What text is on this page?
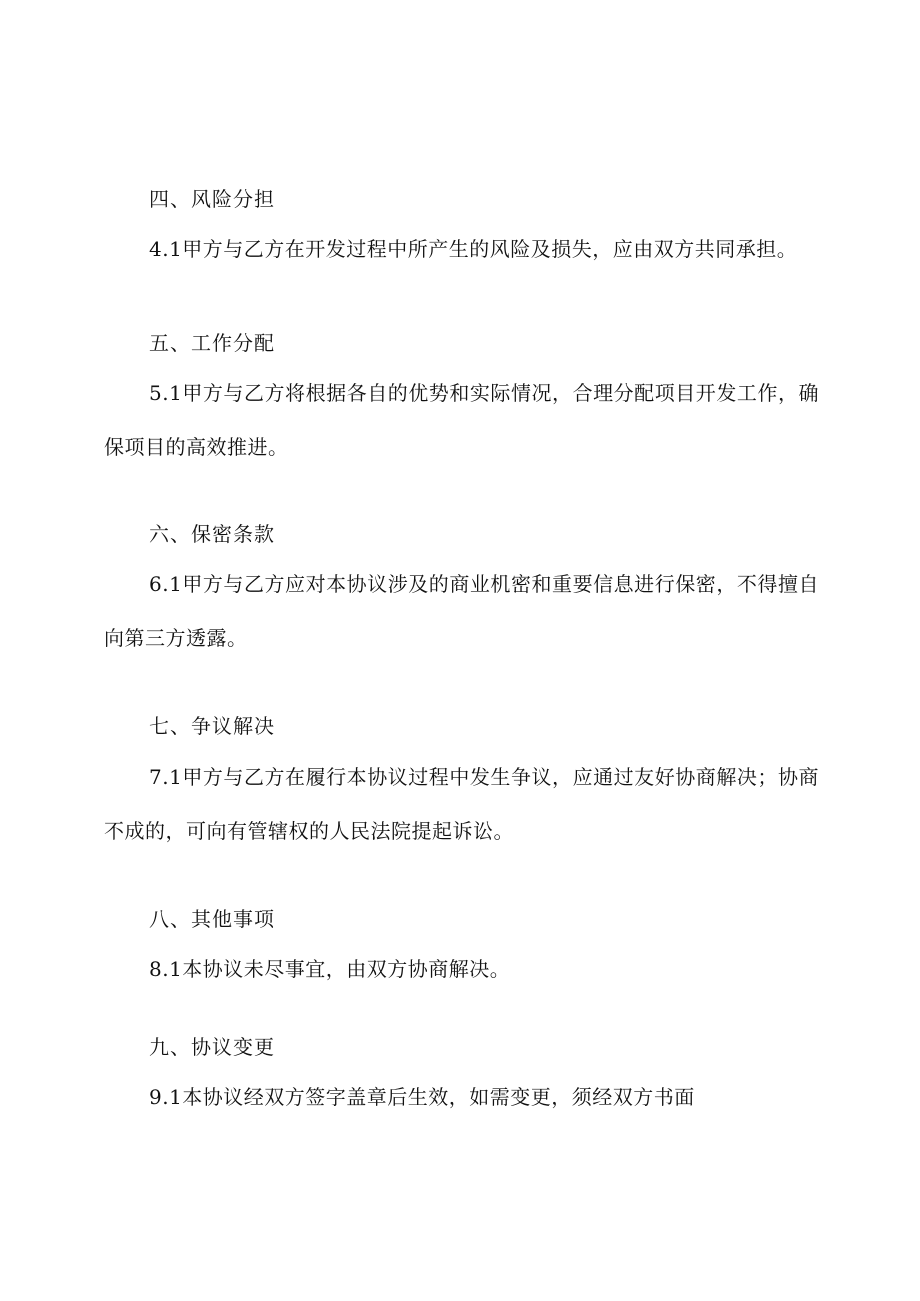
四、风险分担
4.1甲方与乙方在开发过程中所产生的风险及损失，应由双方共同承担。
五、工作分配
5.1甲方与乙方将根据各自的优势和实际情况，合理分配项目开发工作，确保项目的高效推进。
六、保密条款
6.1甲方与乙方应对本协议涉及的商业机密和重要信息进行保密，不得擅自向第三方透露。
七、争议解决
7.1甲方与乙方在履行本协议过程中发生争议，应通过友好协商解决；协商不成的，可向有管辖权的人民法院提起诉讼。
八、其他事项
8.1本协议未尽事宜，由双方协商解决。
九、协议变更
9.1本协议经双方签字盖章后生效，如需变更，须经双方书面
